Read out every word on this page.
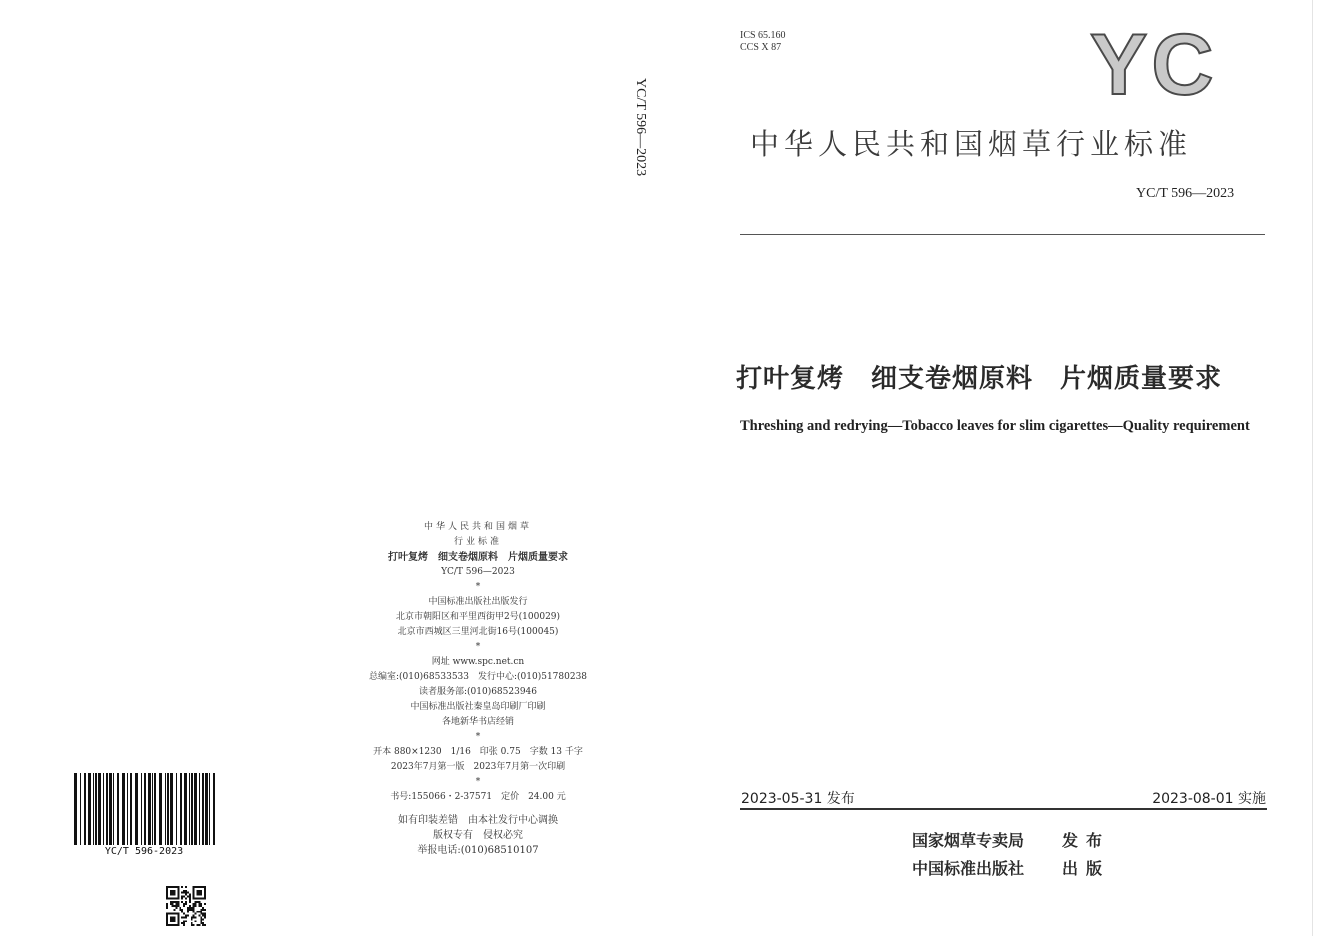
ICS 65.160
CCS X 87	YC
中华人民共和国烟草行业标准
YC/T 596—2023
打叶复烤　细支卷烟原料　片烟质量要求
Threshing and redrying—Tobacco leaves for slim cigarettes—Quality requirement
2023-05-31 发布	2023-08-01 实施
国家烟草专卖局 发布
中国标准出版社 出版
YC/T 596—2023
中华人民共和国烟草
行业标准
打叶复烤　细支卷烟原料　片烟质量要求
YC/T 596—2023
*
中国标准出版社出版发行
北京市朝阳区和平里西街甲2号(100029)
北京市西城区三里河北街16号(100045)
*
网址 www.spc.net.cn
总编室:(010)68533533　发行中心:(010)51780238
读者服务部:(010)68523946
中国标准出版社秦皇岛印刷厂印刷
各地新华书店经销
*
开本 880×1230　1/16　印张 0.75　字数 13 千字
2023年7月第一版　2023年7月第一次印刷
*
书号:155066・2-37571　定价　24.00 元
如有印装差错　由本社发行中心调换
版权专有　侵权必究
举报电话:(010)68510107
YC/T 596-2023
